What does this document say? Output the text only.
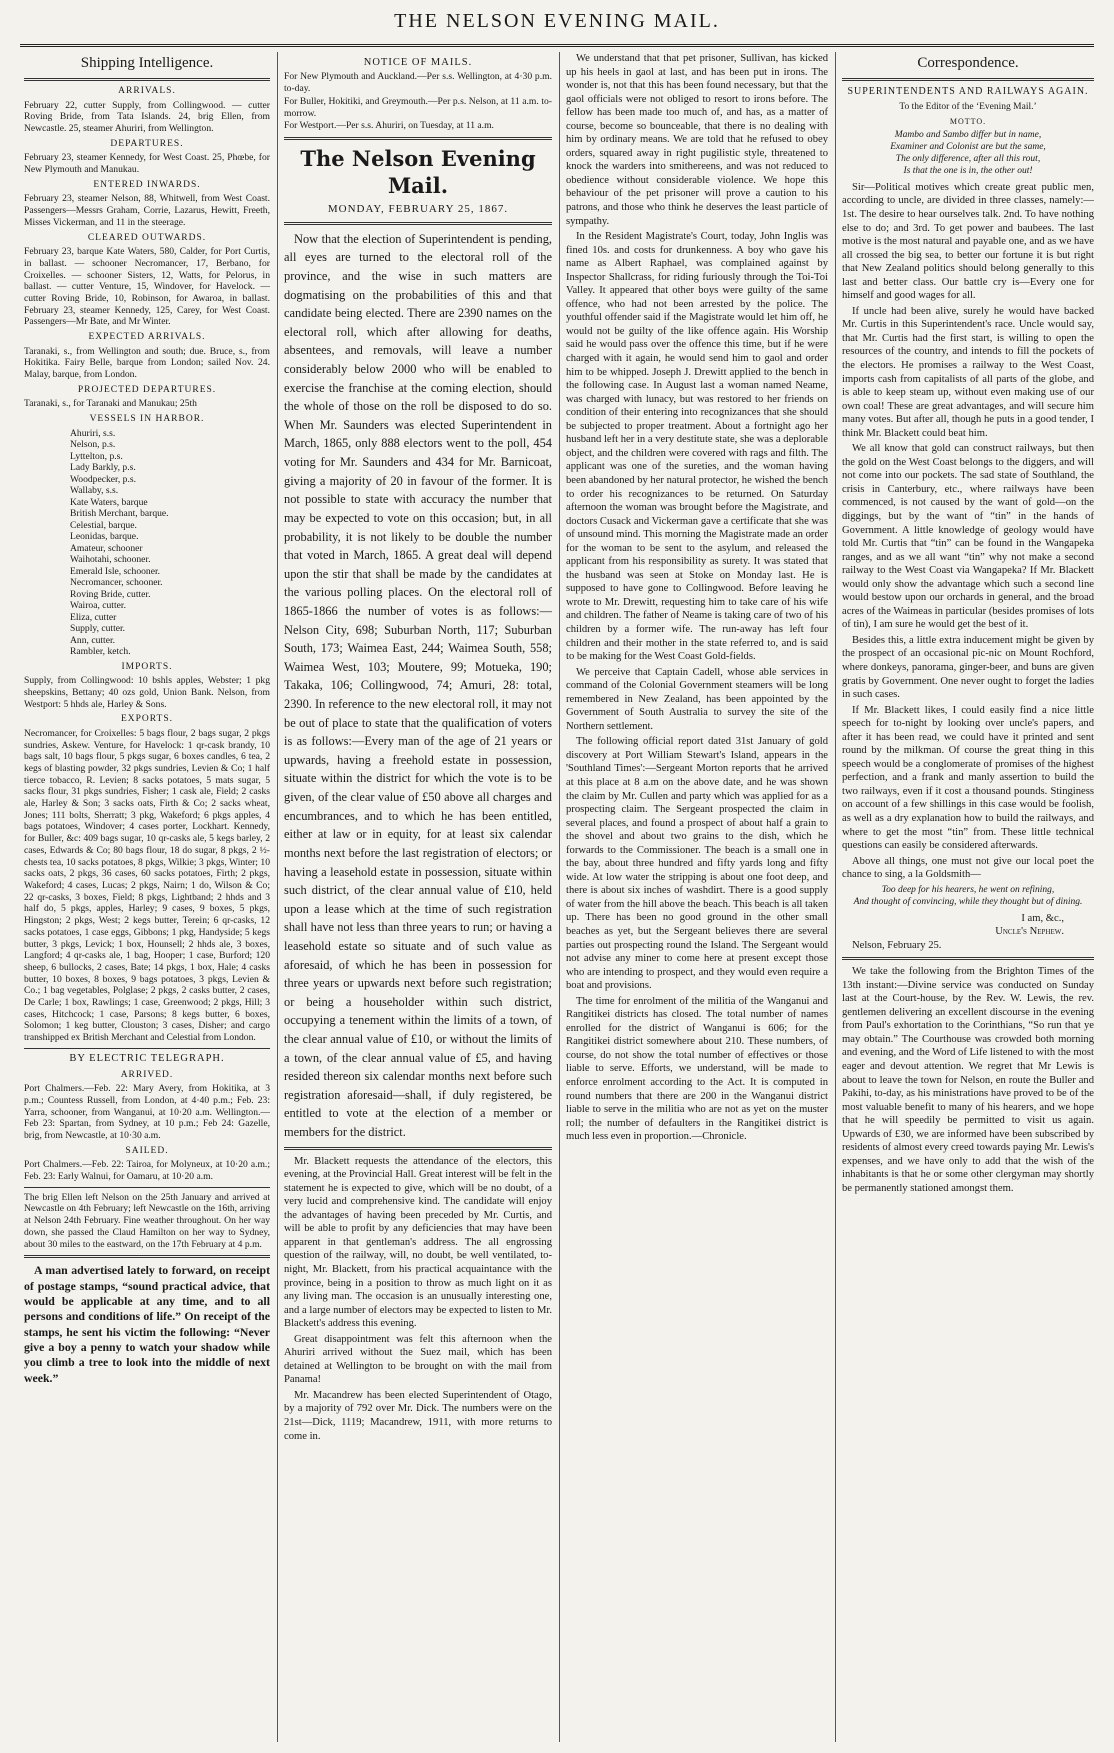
THE NELSON EVENING MAIL.
Shipping Intelligence.
ARRIVALS.

February 22, cutter Supply, from Collingwood. — cutter Roving Bride, from Tata Islands. 24, brig Ellen, from Newcastle. 25, steamer Ahuriri, from Wellington.

DEPARTURES.

February 23, steamer Kennedy, for West Coast. 25, Phœbe, for New Plymouth and Manukau.

ENTERED INWARDS.

February 23, steamer Nelson, 88, Whitwell, from West Coast. Passengers—Messrs Graham, Corrie, Lazarus, Hewitt, Freeth, Misses Vickerman, and 11 in the steerage.

CLEARED OUTWARDS.

February 23, barque Kate Waters, 580, Calder, for Port Curtis, in ballast. — schooner Necromancer, 17, Berbano, for Croixelles. — schooner Sisters, 12, Watts, for Pelorus, in ballast. — cutter Venture, 15, Windover, for Havelock. — cutter Roving Bride, 10, Robinson, for Awaroa, in ballast. February 23, steamer Kennedy, 125, Carey, for West Coast. Passengers—Mr Bate, and Mr Winter.

EXPECTED ARRIVALS.

Taranaki, s., from Wellington and south; due. Bruce, s., from Hokitika. Fairy Belle, barque from London; sailed Nov. 24. Malay, barque, from London.

PROJECTED DEPARTURES.

Taranaki, s., for Taranaki and Manukau; 25th

VESSELS IN HARBOR.
Ahuriri, s.s.
Nelson, p.s.
Lyttelton, p.s.
Lady Barkly, p.s.
Woodpecker, p.s.
Wallaby, s.s.
Kate Waters, barque
British Merchant, barque.
Celestial, barque.
Leonidas, barque.
Amateur, schooner
Waihotahi, schooner.
Emerald Isle, schooner.
Necromancer, schooner.
Roving Bride, cutter.
Wairoa, cutter.
Eliza, cutter
Supply, cutter.
Ann, cutter.
Rambler, ketch.
IMPORTS.

Supply, from Collingwood: 10 bshls apples, Webster; 1 pkg sheepskins, Bettany; 40 ozs gold, Union Bank. Nelson, from Westport: 5 hhds ale, Harley & Sons.

EXPORTS.

Necromancer, for Croixelles: 5 bags flour, 2 bags sugar, 2 pkgs sundries, Askew. Venture, for Havelock: 1 qr-cask brandy, 10 bags salt, 10 bags flour, 5 pkgs sugar, 6 boxes candles, 6 tea, 2 kegs of blasting powder, 32 pkgs sundries, Levien & Co; 1 half tierce tobacco, R. Levien; 8 sacks potatoes, 5 mats sugar, 5 sacks flour, 31 pkgs sundries, Fisher; 1 cask ale, Field; 2 casks ale, Harley & Son; 3 sacks oats, Firth & Co; 2 sacks wheat, Jones; 111 bolts, Sherratt; 3 pkg, Wakeford; 6 pkgs apples, 4 bags potatoes, Windover; 4 cases porter, Lockhart. Kennedy, for Buller, &c: 409 bags sugar, 10 qr-casks ale, 5 kegs barley, 2 cases, Edwards & Co; 80 bags flour, 18 do sugar, 8 pkgs, 2 ½-chests tea, 10 sacks potatoes, 8 pkgs, Wilkie; 3 pkgs, Winter; 10 sacks oats, 2 pkgs, 36 cases, 60 sacks potatoes, Firth; 2 pkgs, Wakeford; 4 cases, Lucas; 2 pkgs, Nairn; 1 do, Wilson & Co; 22 qr-casks, 3 boxes, Field; 8 pkgs, Lightband; 2 hhds and 3 half do, 5 pkgs, apples, Harley; 9 cases, 9 boxes, 5 pkgs, Hingston; 2 pkgs, West; 2 kegs butter, Terein; 6 qr-casks, 12 sacks potatoes, 1 case eggs, Gibbons; 1 pkg, Handyside; 5 kegs butter, 3 pkgs, Levick; 1 box, Hounsell; 2 hhds ale, 3 boxes, Langford; 4 qr-casks ale, 1 bag, Hooper; 1 case, Burford; 120 sheep, 6 bullocks, 2 cases, Bate; 14 pkgs, 1 box, Hale; 4 casks butter, 10 boxes, 8 boxes, 9 bags potatoes, 3 pkgs, Levien & Co.; 1 bag vegetables, Polglase; 2 pkgs, 2 casks butter, 2 cases, De Carle; 1 box, Rawlings; 1 case, Greenwood; 2 pkgs, Hill; 3 cases, Hitchcock; 1 case, Parsons; 8 kegs butter, 6 boxes, Solomon; 1 keg butter, Clouston; 3 cases, Disher; and cargo transhipped ex British Merchant and Celestial from London.

BY ELECTRIC TELEGRAPH.
ARRIVED.

Port Chalmers.—Feb. 22: Mary Avery, from Hokitika, at 3 p.m.; Countess Russell, from London, at 4·40 p.m.; Feb. 23: Yarra, schooner, from Wanganui, at 10·20 a.m. Wellington.—Feb 23: Spartan, from Sydney, at 10 p.m.; Feb 24: Gazelle, brig, from Newcastle, at 10·30 a.m.

SAILED.

Port Chalmers.—Feb. 22: Tairoa, for Molyneux, at 10·20 a.m.; Feb. 23: Early Walnui, for Oamaru, at 10·20 a.m.

The brig Ellen left Nelson on the 25th January and arrived at Newcastle on 4th February; left Newcastle on the 16th, arriving at Nelson 24th February. Fine weather throughout. On her way down, she passed the Claud Hamilton on her way to Sydney, about 30 miles to the eastward, on the 17th February at 4 p.m.

A man advertised lately to forward, on receipt of postage stamps, “sound practical advice, that would be applicable at any time, and to all persons and conditions of life.” On receipt of the stamps, he sent his victim the following: “Never give a boy a penny to watch your shadow while you climb a tree to look into the middle of next week.”

NOTICE OF MAILS.

For New Plymouth and Auckland.—Per s.s. Wellington, at 4·30 p.m. to-day.

For Buller, Hokitiki, and Greymouth.—Per p.s. Nelson, at 11 a.m. to-morrow.

For Westport.—Per s.s. Ahuriri, on Tuesday, at 11 a.m.

The Nelson Evening Mail.
MONDAY, FEBRUARY 25, 1867.

Now that the election of Superintendent is pending, all eyes are turned to the electoral roll of the province, and the wise in such matters are dogmatising on the probabilities of this and that candidate being elected. There are 2390 names on the electoral roll, which after allowing for deaths, absentees, and removals, will leave a number considerably below 2000 who will be enabled to exercise the franchise at the coming election, should the whole of those on the roll be disposed to do so. When Mr. Saunders was elected Superintendent in March, 1865, only 888 electors went to the poll, 454 voting for Mr. Saunders and 434 for Mr. Barnicoat, giving a majority of 20 in favour of the former. It is not possible to state with accuracy the number that may be expected to vote on this occasion; but, in all probability, it is not likely to be double the number that voted in March, 1865. A great deal will depend upon the stir that shall be made by the candidates at the various polling places. On the electoral roll of 1865-1866 the number of votes is as follows:—Nelson City, 698; Suburban North, 117; Suburban South, 173; Waimea East, 244; Waimea South, 558; Waimea West, 103; Moutere, 99; Motueka, 190; Takaka, 106; Collingwood, 74; Amuri, 28: total, 2390. In reference to the new electoral roll, it may not be out of place to state that the qualification of voters is as follows:—Every man of the age of 21 years or upwards, having a freehold estate in possession, situate within the district for which the vote is to be given, of the clear value of £50 above all charges and encumbrances, and to which he has been entitled, either at law or in equity, for at least six calendar months next before the last registration of electors; or having a leasehold estate in possession, situate within such district, of the clear annual value of £10, held upon a lease which at the time of such registration shall have not less than three years to run; or having a leasehold estate so situate and of such value as aforesaid, of which he has been in possession for three years or upwards next before such registration; or being a householder within such district, occupying a tenement within the limits of a town, of the clear annual value of £10, or without the limits of a town, of the clear annual value of £5, and having resided thereon six calendar months next before such registration aforesaid—shall, if duly registered, be entitled to vote at the election of a member or members for the district.

Mr. Blackett requests the attendance of the electors, this evening, at the Provincial Hall. Great interest will be felt in the statement he is expected to give, which will be no doubt, of a very lucid and comprehensive kind. The candidate will enjoy the advantages of having been preceded by Mr. Curtis, and will be able to profit by any deficiencies that may have been apparent in that gentleman's address. The all engrossing question of the railway, will, no doubt, be well ventilated, to-night, Mr. Blackett, from his practical acquaintance with the province, being in a position to throw as much light on it as any living man. The occasion is an unusually interesting one, and a large number of electors may be expected to listen to Mr. Blackett's address this evening.

Great disappointment was felt this afternoon when the Ahuriri arrived without the Suez mail, which has been detained at Wellington to be brought on with the mail from Panama!

Mr. Macandrew has been elected Superintendent of Otago, by a majority of 792 over Mr. Dick. The numbers were on the 21st—Dick, 1119; Macandrew, 1911, with more returns to come in.

We understand that that pet prisoner, Sullivan, has kicked up his heels in gaol at last, and has been put in irons. The wonder is, not that this has been found necessary, but that the gaol officials were not obliged to resort to irons before. The fellow has been made too much of, and has, as a matter of course, become so bounceable, that there is no dealing with him by ordinary means. We are told that he refused to obey orders, squared away in right pugilistic style, threatened to knock the warders into smithereens, and was not reduced to obedience without considerable violence. We hope this behaviour of the pet prisoner will prove a caution to his patrons, and those who think he deserves the least particle of sympathy.

In the Resident Magistrate's Court, today, John Inglis was fined 10s. and costs for drunkenness. A boy who gave his name as Albert Raphael, was complained against by Inspector Shallcrass, for riding furiously through the Toi-Toi Valley. It appeared that other boys were guilty of the same offence, who had not been arrested by the police. The youthful offender said if the Magistrate would let him off, he would not be guilty of the like offence again. His Worship said he would pass over the offence this time, but if he were charged with it again, he would send him to gaol and order him to be whipped. Joseph J. Drewitt applied to the bench in the following case. In August last a woman named Neame, was charged with lunacy, but was restored to her friends on condition of their entering into recognizances that she should be subjected to proper treatment. About a fortnight ago her husband left her in a very destitute state, she was a deplorable object, and the children were covered with rags and filth. The applicant was one of the sureties, and the woman having been abandoned by her natural protector, he wished the bench to order his recognizances to be returned. On Saturday afternoon the woman was brought before the Magistrate, and doctors Cusack and Vickerman gave a certificate that she was of unsound mind. This morning the Magistrate made an order for the woman to be sent to the asylum, and released the applicant from his responsibility as surety. It was stated that the husband was seen at Stoke on Monday last. He is supposed to have gone to Collingwood. Before leaving he wrote to Mr. Drewitt, requesting him to take care of his wife and children. The father of Neame is taking care of two of his children by a former wife. The run-away has left four children and their mother in the state referred to, and is said to be making for the West Coast Gold-fields.

We perceive that Captain Cadell, whose able services in command of the Colonial Government steamers will be long remembered in New Zealand, has been appointed by the Government of South Australia to survey the site of the Northern settlement.

The following official report dated 31st January of gold discovery at Port William Stewart's Island, appears in the 'Southland Times':—Sergeant Morton reports that he arrived at this place at 8 a.m on the above date, and he was shown the claim by Mr. Cullen and party which was applied for as a prospecting claim. The Sergeant prospected the claim in several places, and found a prospect of about half a grain to the shovel and about two grains to the dish, which he forwards to the Commissioner. The beach is a small one in the bay, about three hundred and fifty yards long and fifty wide. At low water the stripping is about one foot deep, and there is about six inches of washdirt. There is a good supply of water from the hill above the beach. This beach is all taken up. There has been no good ground in the other small beaches as yet, but the Sergeant believes there are several parties out prospecting round the Island. The Sergeant would not advise any miner to come here at present except those who are intending to prospect, and they would even require a boat and provisions.

The time for enrolment of the militia of the Wanganui and Rangitikei districts has closed. The total number of names enrolled for the district of Wanganui is 606; for the Rangitikei district somewhere about 210. These numbers, of course, do not show the total number of effectives or those liable to serve. Efforts, we understand, will be made to enforce enrolment according to the Act. It is computed in round numbers that there are 200 in the Wanganui district liable to serve in the militia who are not as yet on the muster roll; the number of defaulters in the Rangitikei district is much less even in proportion.—Chronicle.

Correspondence.
SUPERINTENDENTS AND RAILWAYS AGAIN.
To the Editor of the ‘Evening Mail.’
MOTTO.
Mambo and Sambo differ but in name,
Examiner and Colonist are but the same,
The only difference, after all this rout,
Is that the one is in, the other out!

Sir—Political motives which create great public men, according to uncle, are divided in three classes, namely:—1st. The desire to hear ourselves talk. 2nd. To have nothing else to do; and 3rd. To get power and baubees. The last motive is the most natural and payable one, and as we have all crossed the big sea, to better our fortune it is but right that New Zealand politics should belong generally to this last and better class. Our battle cry is—Every one for himself and good wages for all.

If uncle had been alive, surely he would have backed Mr. Curtis in this Superintendent's race. Uncle would say, that Mr. Curtis had the first start, is willing to open the resources of the country, and intends to fill the pockets of the electors. He promises a railway to the West Coast, imports cash from capitalists of all parts of the globe, and is able to keep steam up, without even making use of our own coal! These are great advantages, and will secure him many votes. But after all, though he puts in a good tender, I think Mr. Blackett could beat him.

We all know that gold can construct railways, but then the gold on the West Coast belongs to the diggers, and will not come into our pockets. The sad state of Southland, the crisis in Canterbury, etc., where railways have been commenced, is not caused by the want of gold—on the diggings, but by the want of “tin” in the hands of Government. A little knowledge of geology would have told Mr. Curtis that “tin” can be found in the Wangapeka ranges, and as we all want “tin” why not make a second railway to the West Coast via Wangapeka? If Mr. Blackett would only show the advantage which such a second line would bestow upon our orchards in general, and the broad acres of the Waimeas in particular (besides promises of lots of tin), I am sure he would get the best of it.

Besides this, a little extra inducement might be given by the prospect of an occasional pic-nic on Mount Rochford, where donkeys, panorama, ginger-beer, and buns are given gratis by Government. One never ought to forget the ladies in such cases.

If Mr. Blackett likes, I could easily find a nice little speech for to-night by looking over uncle's papers, and after it has been read, we could have it printed and sent round by the milkman. Of course the great thing in this speech would be a conglomerate of promises of the highest perfection, and a frank and manly assertion to build the two railways, even if it cost a thousand pounds. Stinginess on account of a few shillings in this case would be foolish, as well as a dry explanation how to build the railways, and where to get the most “tin” from. These little technical questions can easily be considered afterwards.

Above all things, one must not give our local poet the chance to sing, a la Goldsmith—

Too deep for his hearers, he went on refining,
And thought of convincing, while they thought but of dining.
I am, &c.,
Uncle's Nephew.

Nelson, February 25.

We take the following from the Brighton Times of the 13th instant:—Divine service was conducted on Sunday last at the Court-house, by the Rev. W. Lewis, the rev. gentlemen delivering an excellent discourse in the evening from Paul's exhortation to the Corinthians, “So run that ye may obtain.” The Courthouse was crowded both morning and evening, and the Word of Life listened to with the most eager and devout attention. We regret that Mr Lewis is about to leave the town for Nelson, en route the Buller and Pakihi, to-day, as his ministrations have proved to be of the most valuable benefit to many of his hearers, and we hope that he will speedily be permitted to visit us again. Upwards of £30, we are informed have been subscribed by residents of almost every creed towards paying Mr. Lewis's expenses, and we have only to add that the wish of the inhabitants is that he or some other clergyman may shortly be permanently stationed amongst them.
